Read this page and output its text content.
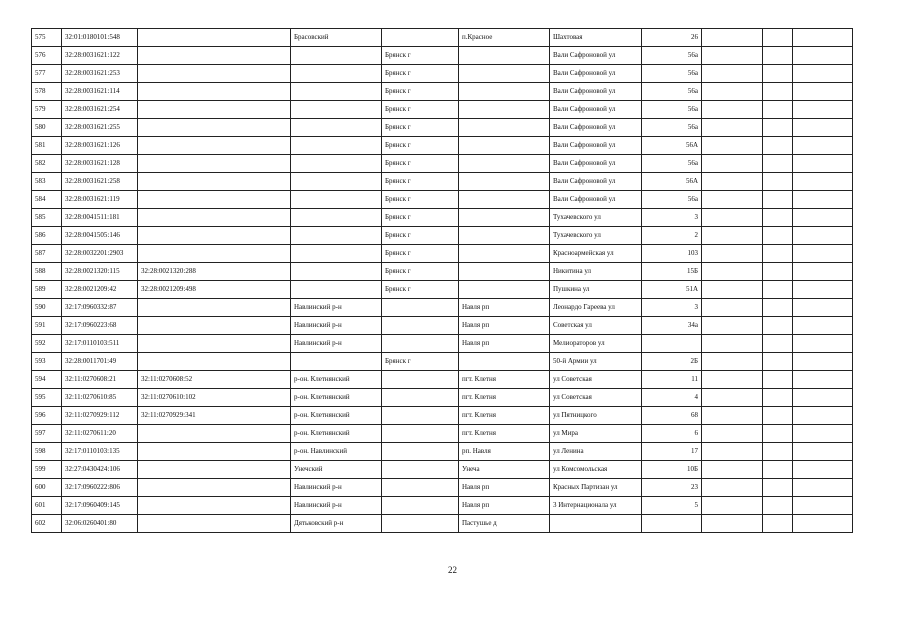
575	32:01:0180101:548		Брасовский		п.Красное	Шахтовая	26			
576	32:28:0031621:122			Брянск г		Вали Сафроновой ул	56а			
577	32:28:0031621:253			Брянск г		Вали Сафроновой ул	56а			
578	32:28:0031621:114			Брянск г		Вали Сафроновой ул	56а			
579	32:28:0031621:254			Брянск г		Вали Сафроновой ул	56а			
580	32:28:0031621:255			Брянск г		Вали Сафроновой ул	56а			
581	32:28:0031621:126			Брянск г		Вали Сафроновой ул	56А			
582	32:28:0031621:128			Брянск г		Вали Сафроновой ул	56а			
583	32:28:0031621:258			Брянск г		Вали Сафроновой ул	56А			
584	32:28:0031621:119			Брянск г		Вали Сафроновой ул	56а			
585	32:28:0041511:181			Брянск г		Тухачевского ул	3			
586	32:28:0041505:146			Брянск г		Тухачевского ул	2			
587	32:28:0032201:2903			Брянск г		Красноармейская ул	103			
588	32:28:0021320:115	32:28:0021320:288		Брянск г		Никитина ул	15Б			
589	32:28:0021209:42	32:28:0021209:498		Брянск г		Пушкина ул	51А			
590	32:17:0960332:87		Навлинский р-н		Навля рп	Леонардо Гареева ул	3			
591	32:17:0960223:68		Навлинский р-н		Навля рп	Советская ул	34а			
592	32:17:0110103:511		Навлинский р-н		Навля рп	Мелиораторов ул				
593	32:28:0011701:49			Брянск г		50-й Армии ул	2Б			
594	32:11:0270608:21	32:11:0270608:52	р-он. Клетнянский		пгт. Клетня	ул Советская	11			
595	32:11:0270610:85	32:11:0270610:102	р-он. Клетнянский		пгт. Клетня	ул Советская	4			
596	32:11:0270929:112	32:11:0270929:341	р-он. Клетнянский		пгт. Клетня	ул Пятницкого	68			
597	32:11:0270611:20		р-он. Клетнянский		пгт. Клетня	ул Мира	6			
598	32:17:0110103:135		р-он. Навлинский		рп. Навля	ул Ленина	17			
599	32:27:0430424:106		Унечский		Унеча	ул Комсомольская	10Б			
600	32:17:0960222:806		Навлинский р-н		Навля рп	Красных Партизан ул	23			
601	32:17:0960409:145		Навлинский р-н		Навля рп	3 Интернационала ул	5			
602	32:06:0260401:80		Дятьковский р-н		Пастушье д					
22
